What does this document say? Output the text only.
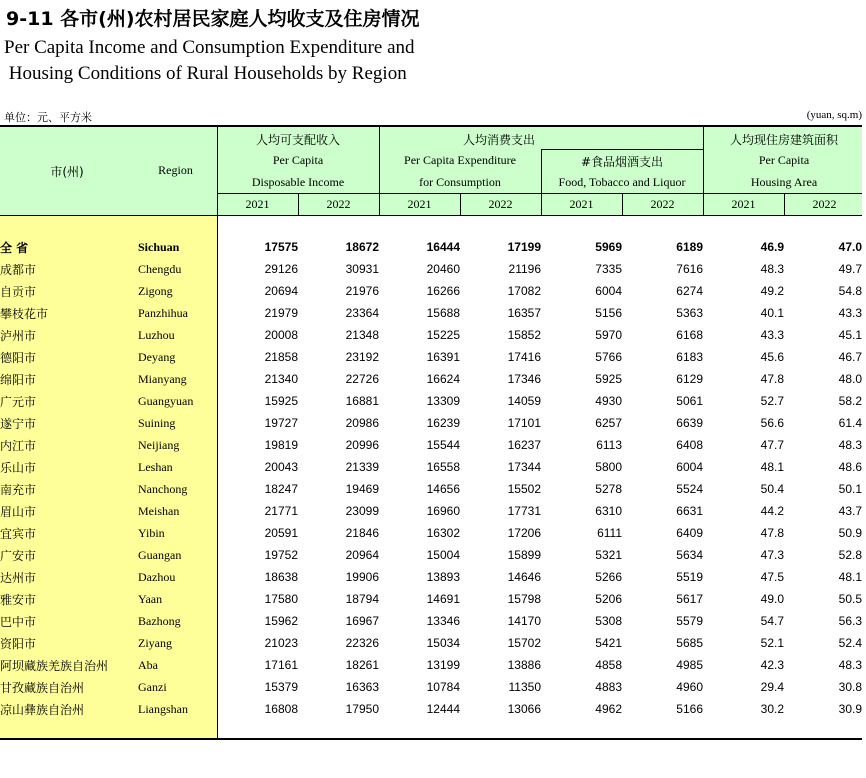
9-11 各市(州)农村居民家庭人均收支及住房情况
Per Capita Income and Consumption Expenditure and
Housing Conditions of Rural Households by Region
单位：元、平方米	(yuan, sq.m)
市(州)	Region
人均可支配收入
Per Capita
Disposable Income
人均消费支出
Per Capita Expenditure
for Consumption
#食品烟酒支出
Food, Tobacco and Liquor
人均现住房建筑面积
Per Capita
Housing Area
2021	2022	2021	2022	2021	2022	2021	2022
全 省	Sichuan	17575	18672	16444	17199	5969	6189	46.9	47.0
成都市	Chengdu	29126	30931	20460	21196	7335	7616	48.3	49.7
自贡市	Zigong	20694	21976	16266	17082	6004	6274	49.2	54.8
攀枝花市	Panzhihua	21979	23364	15688	16357	5156	5363	40.1	43.3
泸州市	Luzhou	20008	21348	15225	15852	5970	6168	43.3	45.1
德阳市	Deyang	21858	23192	16391	17416	5766	6183	45.6	46.7
绵阳市	Mianyang	21340	22726	16624	17346	5925	6129	47.8	48.0
广元市	Guangyuan	15925	16881	13309	14059	4930	5061	52.7	58.2
遂宁市	Suining	19727	20986	16239	17101	6257	6639	56.6	61.4
内江市	Neijiang	19819	20996	15544	16237	6113	6408	47.7	48.3
乐山市	Leshan	20043	21339	16558	17344	5800	6004	48.1	48.6
南充市	Nanchong	18247	19469	14656	15502	5278	5524	50.4	50.1
眉山市	Meishan	21771	23099	16960	17731	6310	6631	44.2	43.7
宜宾市	Yibin	20591	21846	16302	17206	6111	6409	47.8	50.9
广安市	Guangan	19752	20964	15004	15899	5321	5634	47.3	52.8
达州市	Dazhou	18638	19906	13893	14646	5266	5519	47.5	48.1
雅安市	Yaan	17580	18794	14691	15798	5206	5617	49.0	50.5
巴中市	Bazhong	15962	16967	13346	14170	5308	5579	54.7	56.3
资阳市	Ziyang	21023	22326	15034	15702	5421	5685	52.1	52.4
阿坝藏族羌族自治州	Aba	17161	18261	13199	13886	4858	4985	42.3	48.3
甘孜藏族自治州	Ganzi	15379	16363	10784	11350	4883	4960	29.4	30.8
凉山彝族自治州	Liangshan	16808	17950	12444	13066	4962	5166	30.2	30.9
